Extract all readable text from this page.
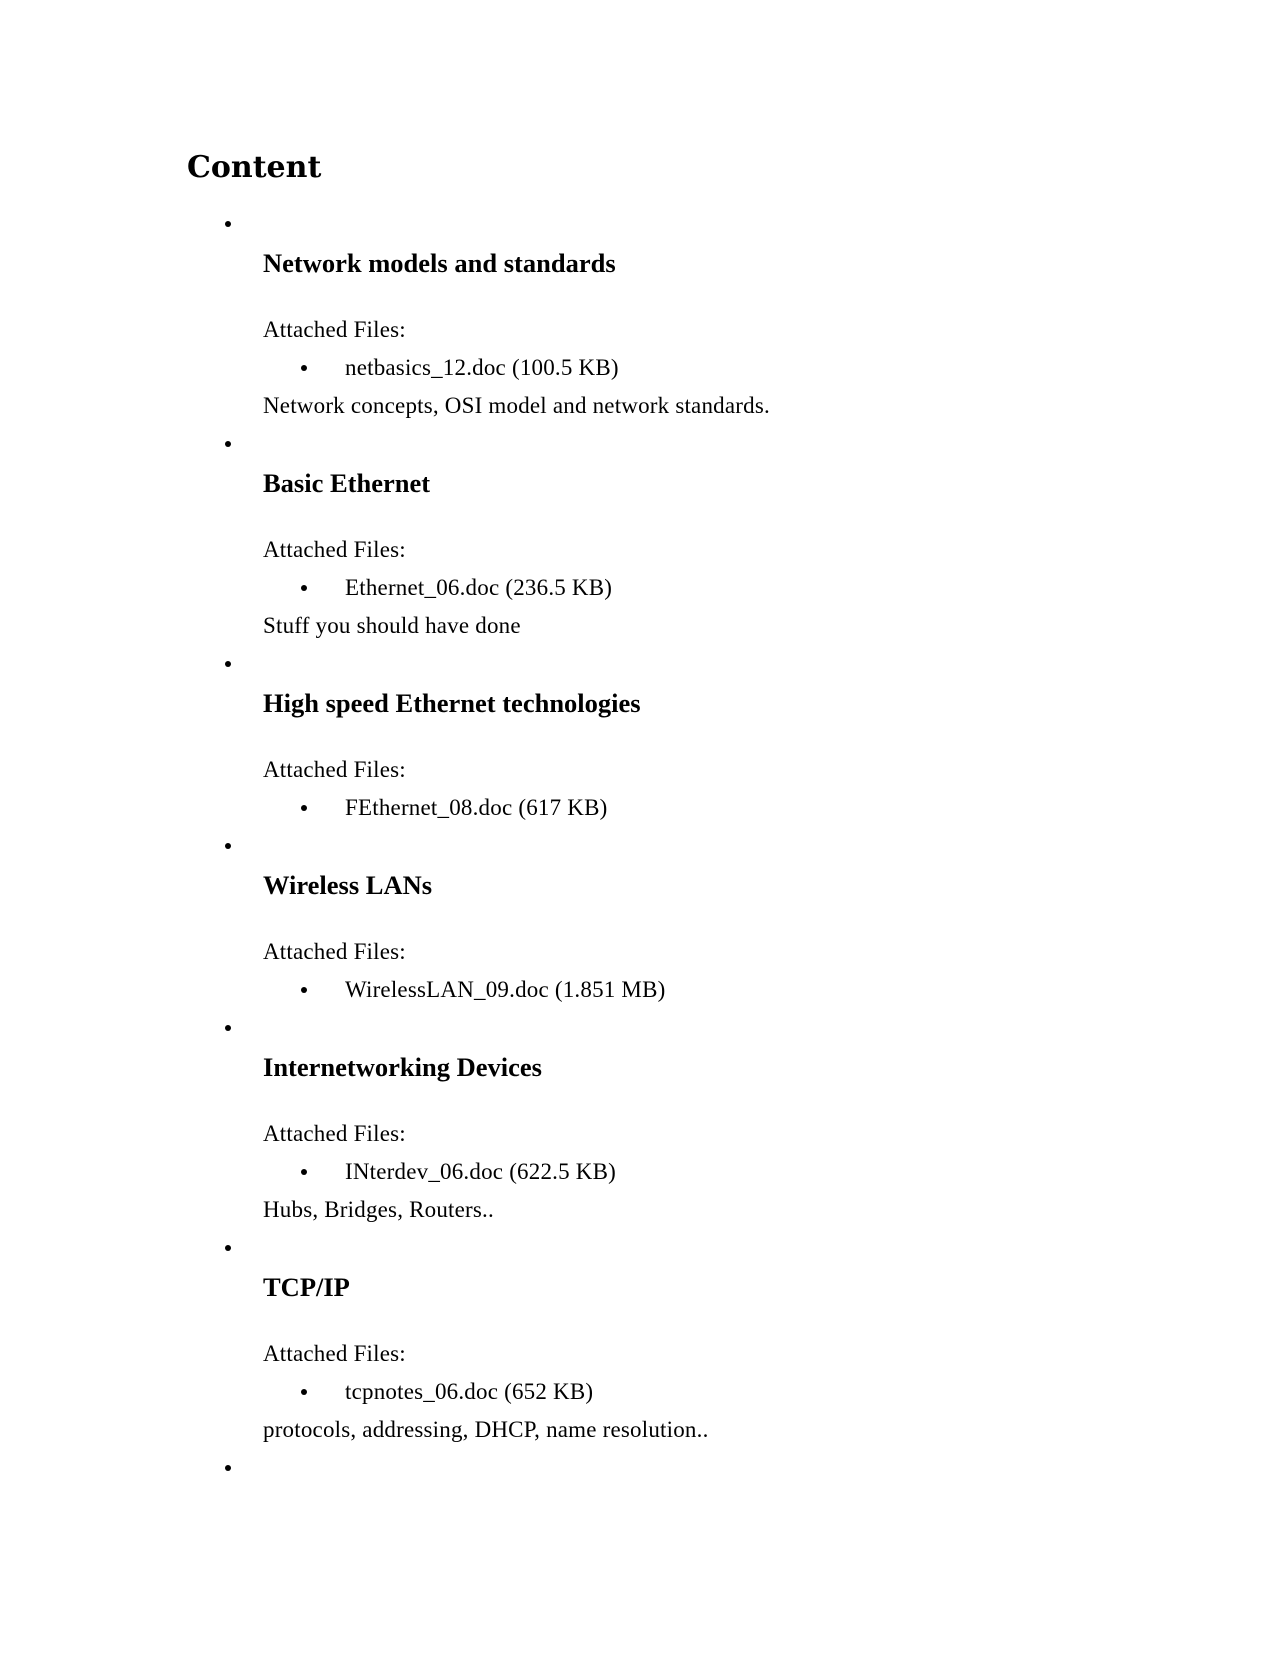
Content
Network models and standards
Attached Files:
netbasics_12.doc (100.5 KB)
Network concepts, OSI model and network standards.
Basic Ethernet
Attached Files:
Ethernet_06.doc (236.5 KB)
Stuff you should have done
High speed Ethernet technologies
Attached Files:
FEthernet_08.doc (617 KB)
Wireless LANs
Attached Files:
WirelessLAN_09.doc (1.851 MB)
Internetworking Devices
Attached Files:
INterdev_06.doc (622.5 KB)
Hubs, Bridges, Routers..
TCP/IP
Attached Files:
tcpnotes_06.doc (652 KB)
protocols, addressing, DHCP, name resolution..
